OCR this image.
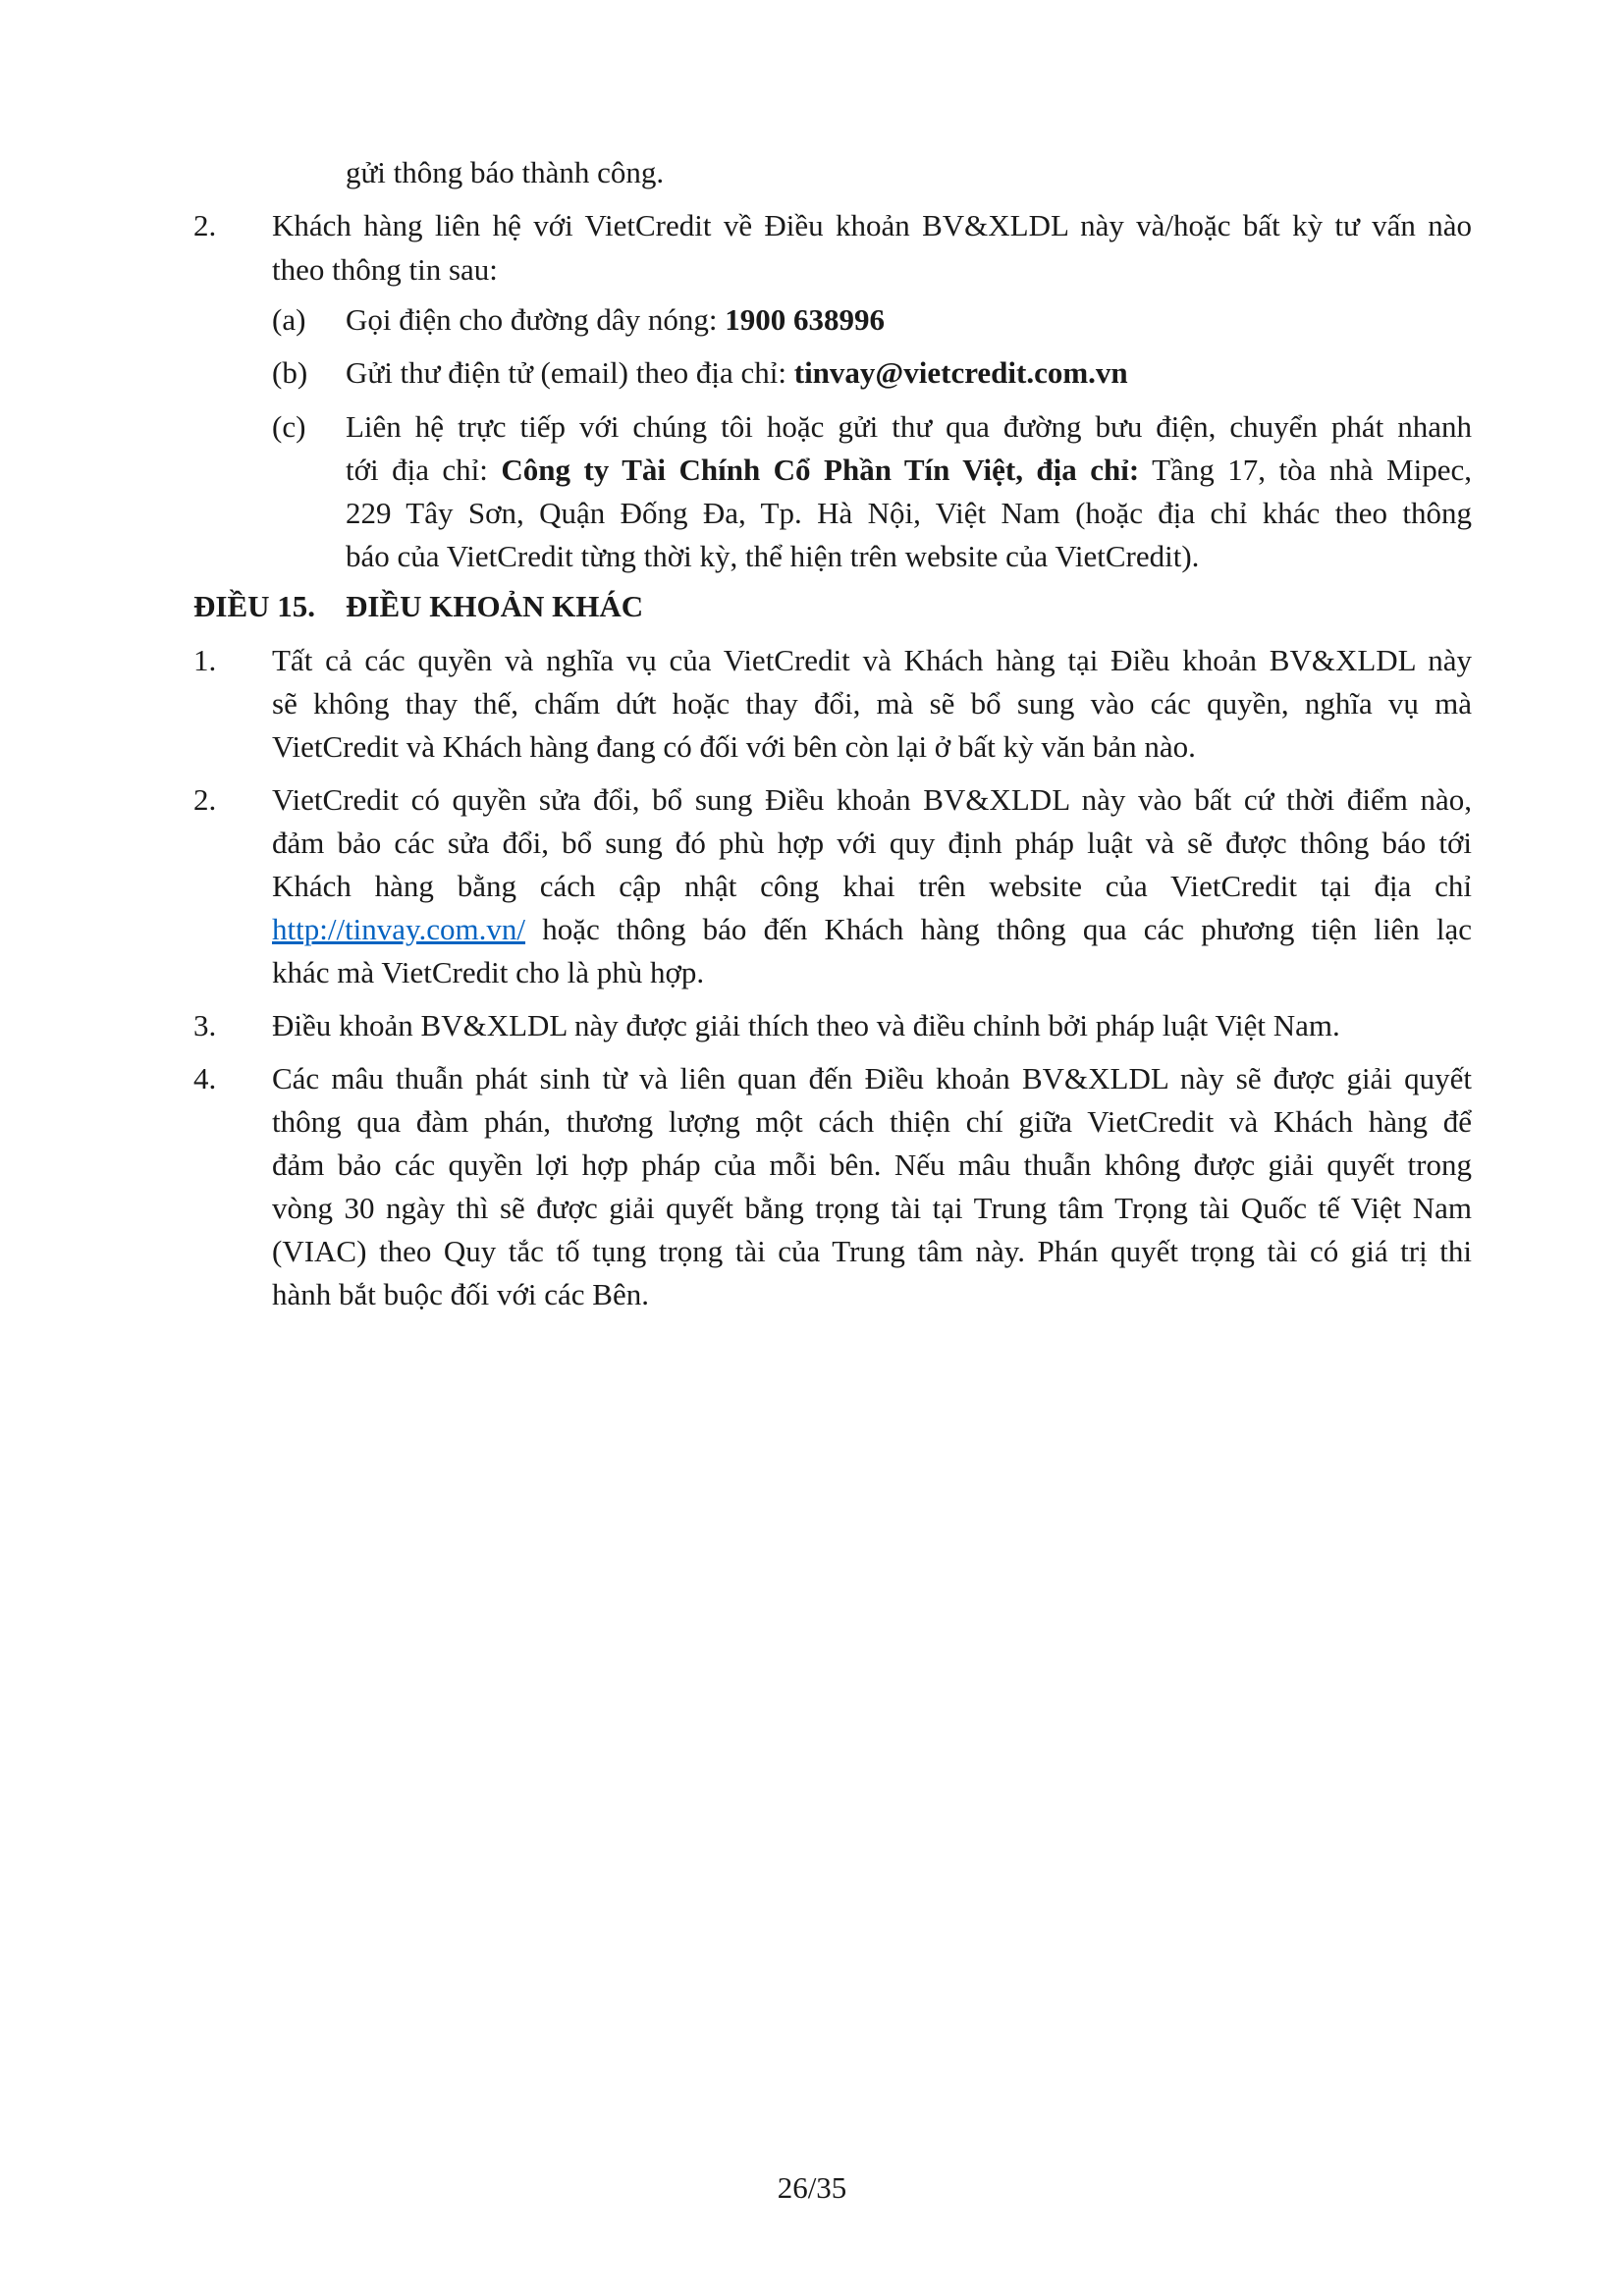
gửi thông báo thành công.
2. Khách hàng liên hệ với VietCredit về Điều khoản BV&XLDL này và/hoặc bất kỳ tư vấn nào
theo thông tin sau:
(a) Gọi điện cho đường dây nóng: 1900 638996
(b) Gửi thư điện tử (email) theo địa chỉ: tinvay@vietcredit.com.vn
(c) Liên hệ trực tiếp với chúng tôi hoặc gửi thư qua đường bưu điện, chuyển phát nhanh
tới địa chỉ: Công ty Tài Chính Cổ Phần Tín Việt, địa chỉ: Tầng 17, tòa nhà Mipec,
229 Tây Sơn, Quận Đống Đa, Tp. Hà Nội, Việt Nam (hoặc địa chỉ khác theo thông
báo của VietCredit từng thời kỳ, thể hiện trên website của VietCredit).
ĐIỀU 15. ĐIỀU KHOẢN KHÁC
1. Tất cả các quyền và nghĩa vụ của VietCredit và Khách hàng tại Điều khoản BV&XLDL này
sẽ không thay thế, chấm dứt hoặc thay đổi, mà sẽ bổ sung vào các quyền, nghĩa vụ mà
VietCredit và Khách hàng đang có đối với bên còn lại ở bất kỳ văn bản nào.
2. VietCredit có quyền sửa đổi, bổ sung Điều khoản BV&XLDL này vào bất cứ thời điểm nào,
đảm bảo các sửa đổi, bổ sung đó phù hợp với quy định pháp luật và sẽ được thông báo tới
Khách hàng bằng cách cập nhật công khai trên website của VietCredit tại địa chỉ
http://tinvay.com.vn/ hoặc thông báo đến Khách hàng thông qua các phương tiện liên lạc
khác mà VietCredit cho là phù hợp.
3. Điều khoản BV&XLDL này được giải thích theo và điều chỉnh bởi pháp luật Việt Nam.
4. Các mâu thuẫn phát sinh từ và liên quan đến Điều khoản BV&XLDL này sẽ được giải quyết
thông qua đàm phán, thương lượng một cách thiện chí giữa VietCredit và Khách hàng để
đảm bảo các quyền lợi hợp pháp của mỗi bên. Nếu mâu thuẫn không được giải quyết trong
vòng 30 ngày thì sẽ được giải quyết bằng trọng tài tại Trung tâm Trọng tài Quốc tế Việt Nam
(VIAC) theo Quy tắc tố tụng trọng tài của Trung tâm này. Phán quyết trọng tài có giá trị thi
hành bắt buộc đối với các Bên.
26/35
